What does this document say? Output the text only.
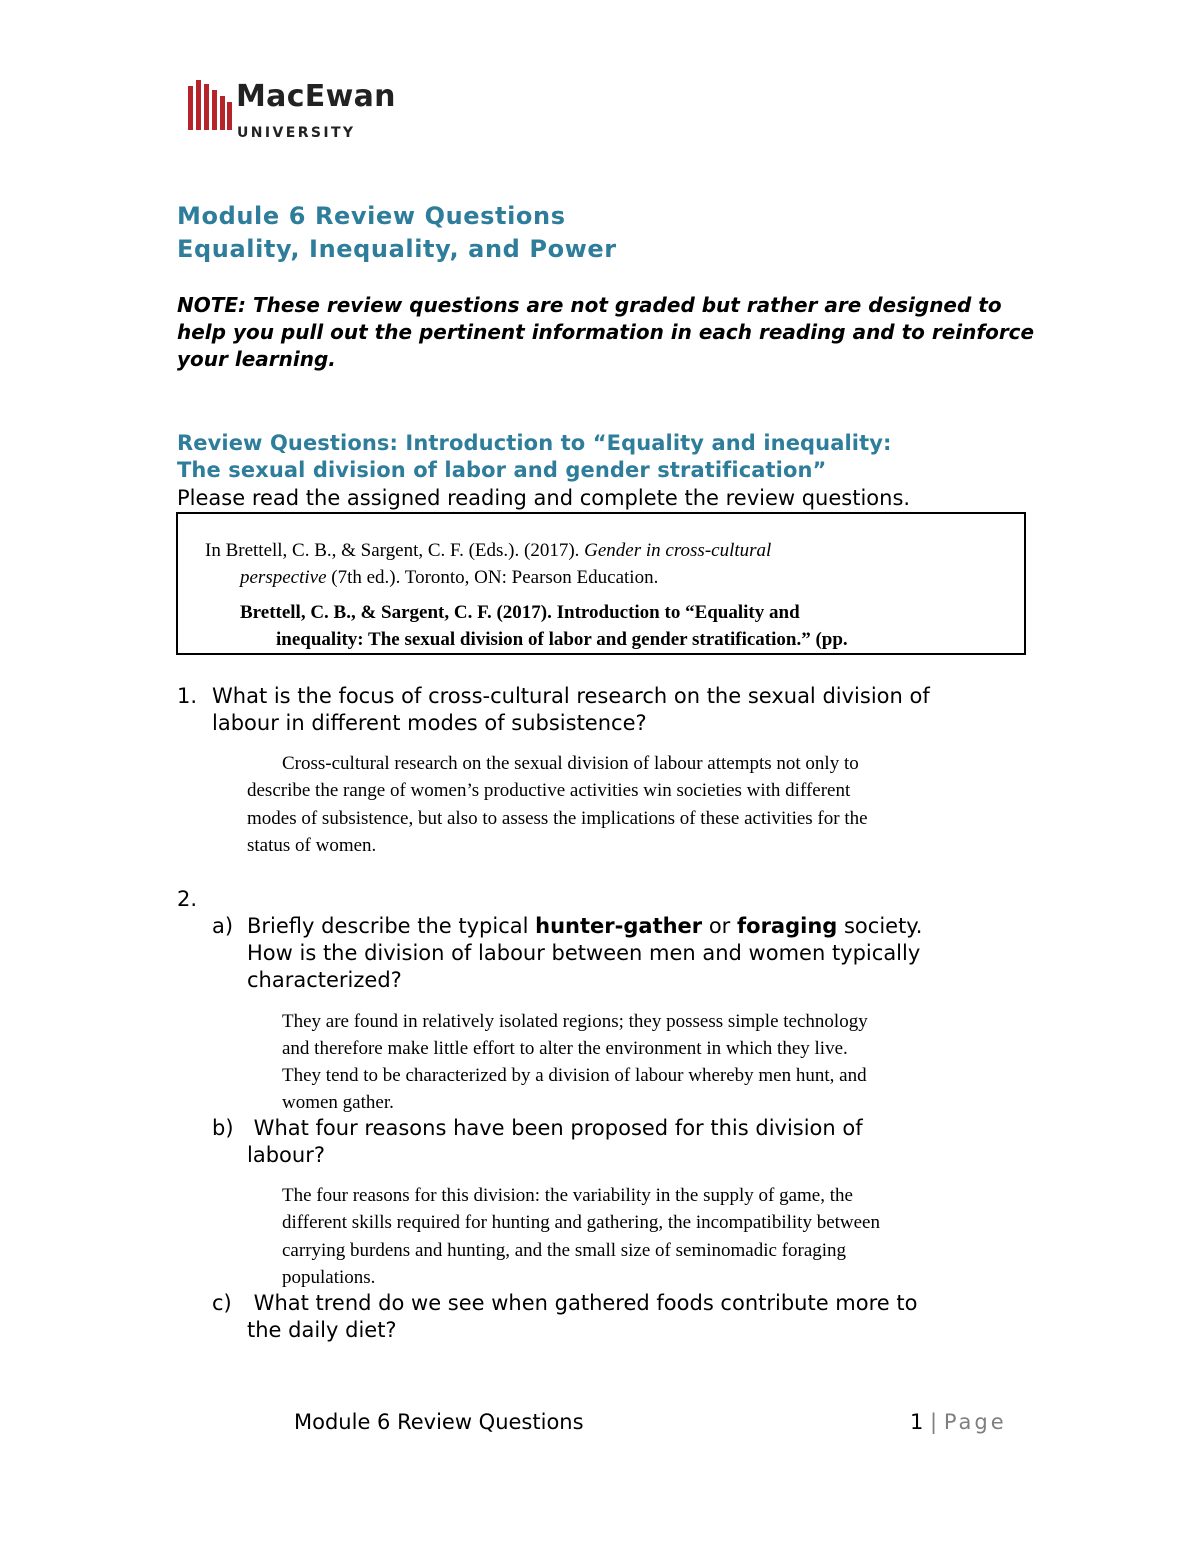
MacEwan
UNIVERSITY
Module 6 Review Questions
Equality, Inequality, and Power
NOTE: These review questions are not graded but rather are designed to help you pull out the pertinent information in each reading and to reinforce your learning.
Review Questions: Introduction to “Equality and inequality:
The sexual division of labor and gender stratification”
Please read the assigned reading and complete the review questions.
In Brettell, C. B., & Sargent, C. F. (Eds.). (2017). Gender in cross-cultural
perspective (7th ed.). Toronto, ON: Pearson Education.
Brettell, C. B., & Sargent, C. F. (2017). Introduction to “Equality and
inequality: The sexual division of labor and gender stratification.” (pp.
1. What is the focus of cross-cultural research on the sexual division of
labour in different modes of subsistence?
Cross-cultural research on the sexual division of labour attempts not only to
describe the range of women’s productive activities win societies with different
modes of subsistence, but also to assess the implications of these activities for the
status of women.
2.
a) Briefly describe the typical hunter-gather or foraging society.
How is the division of labour between men and women typically
characterized?
They are found in relatively isolated regions; they possess simple technology
and therefore make little effort to alter the environment in which they live.
They tend to be characterized by a division of labour whereby men hunt, and
women gather.
b) What four reasons have been proposed for this division of
labour?
The four reasons for this division: the variability in the supply of game, the
different skills required for hunting and gathering, the incompatibility between
carrying burdens and hunting, and the small size of seminomadic foraging
populations.
c) What trend do we see when gathered foods contribute more to
the daily diet?
Module 6 Review Questions	1 | Page
